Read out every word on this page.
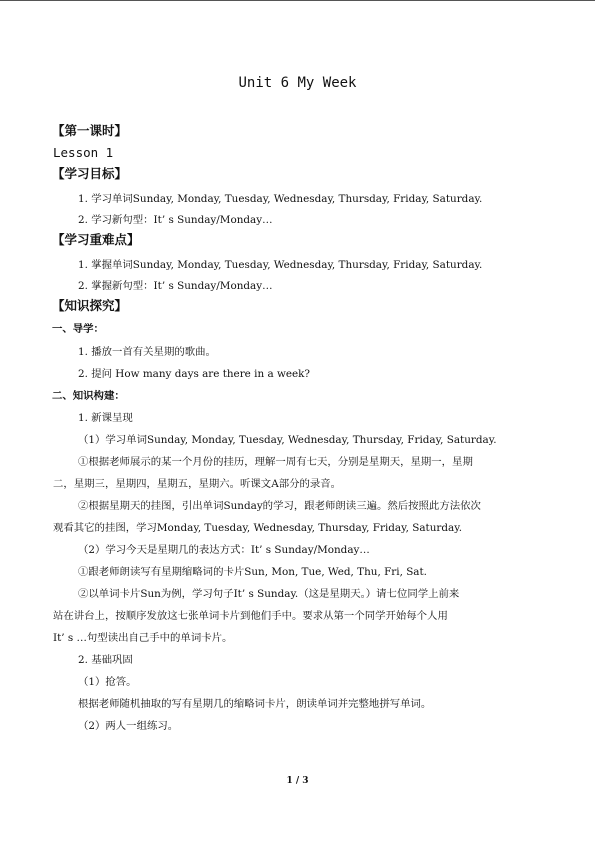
Unit 6 My Week
【第一课时】
Lesson 1
【学习目标】
1. 学习单词Sunday, Monday, Tuesday, Wednesday, Thursday, Friday, Saturday.
2. 学习新句型：It’ s Sunday/Monday…
【学习重难点】
1. 掌握单词Sunday, Monday, Tuesday, Wednesday, Thursday, Friday, Saturday.
2. 掌握新句型：It’ s Sunday/Monday…
【知识探究】
一、导学：
1. 播放一首有关星期的歌曲。
2. 提问 How many days are there in a week?
二、知识构建：
1. 新课呈现
（1）学习单词Sunday, Monday, Tuesday, Wednesday, Thursday, Friday, Saturday.
①根据老师展示的某一个月份的挂历，理解一周有七天，分别是星期天，星期一，星期
二，星期三，星期四，星期五，星期六。听课文A部分的录音。
②根据星期天的挂图，引出单词Sunday的学习，跟老师朗读三遍。然后按照此方法依次
观看其它的挂图，学习Monday, Tuesday, Wednesday, Thursday, Friday, Saturday.
（2）学习今天是星期几的表达方式：It’ s Sunday/Monday…
①跟老师朗读写有星期缩略词的卡片Sun, Mon, Tue, Wed, Thu, Fri, Sat.
②以单词卡片Sun为例，学习句子It’ s Sunday.（这是星期天。）请七位同学上前来
站在讲台上，按顺序发放这七张单词卡片到他们手中。要求从第一个同学开始每个人用
It’ s …句型读出自己手中的单词卡片。
2. 基础巩固
（1）抢答。
根据老师随机抽取的写有星期几的缩略词卡片，朗读单词并完整地拼写单词。
（2）两人一组练习。
1 / 3
